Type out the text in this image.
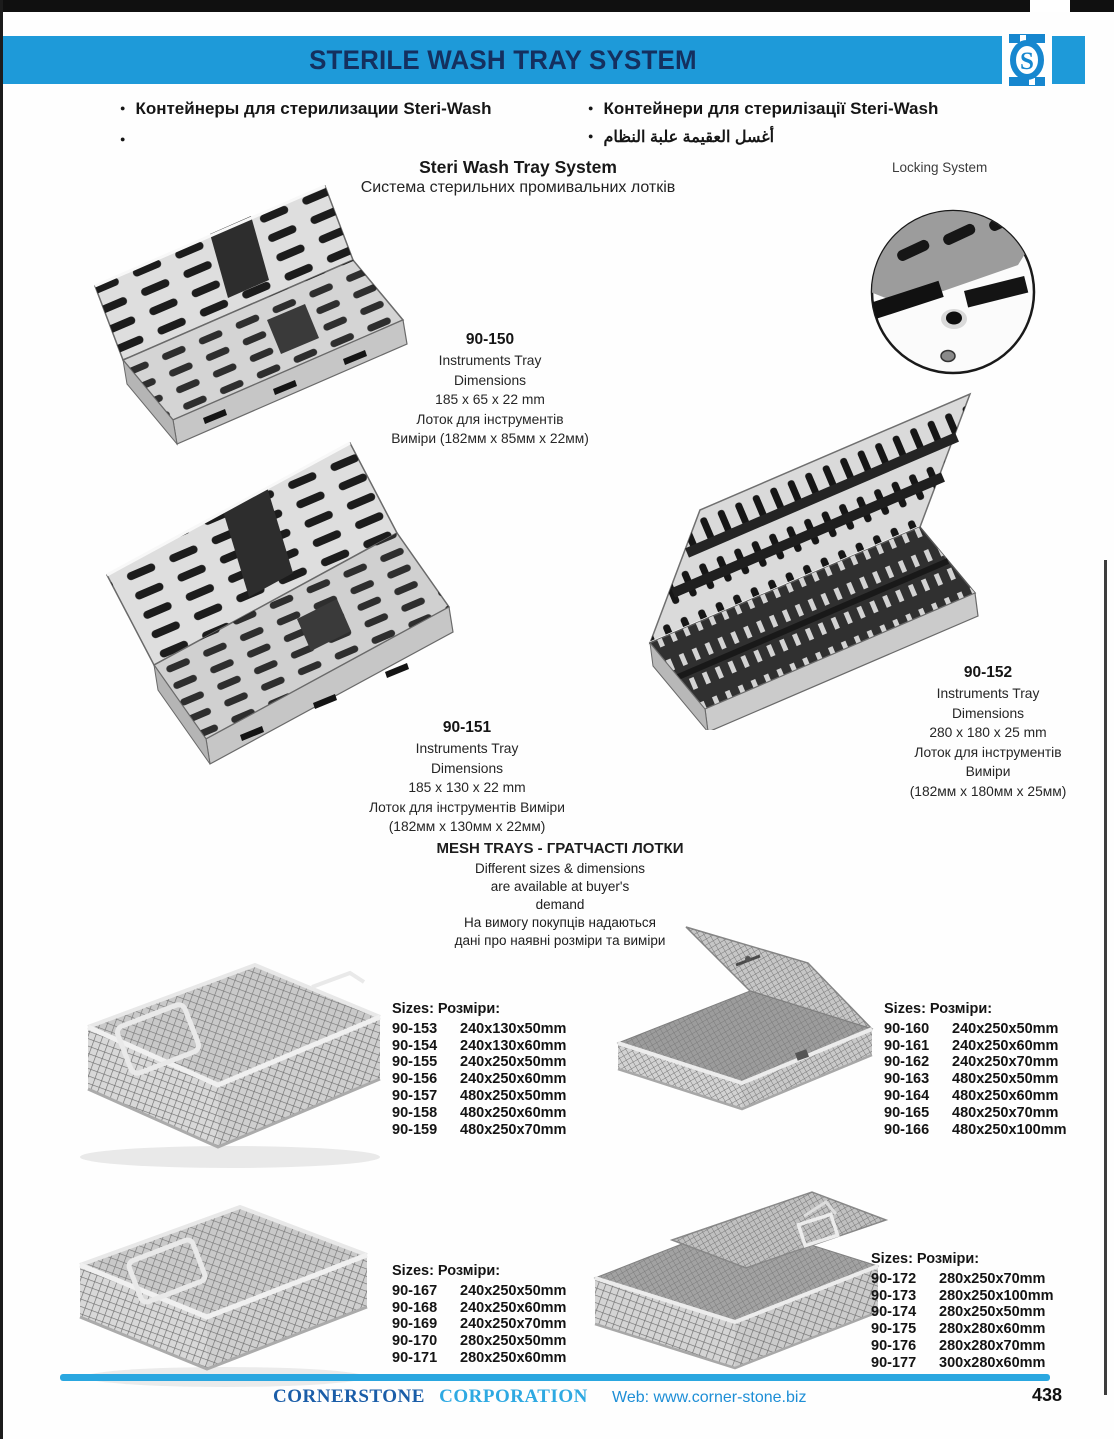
STERILE WASH TRAY SYSTEM	S
●
Контейнеры для стерилизации Steri-Wash ●	Контейнери для стерилізації Steri-Wash
●
●
أغسل العقيمة علبة النظام
Steri Wash Tray System
Система стерильних промивальних лотків
Locking System
90-150
Instruments Tray
Dimensions
185 x 65 x 22 mm
Лоток для інструментів
Виміри (182мм x 85мм x 22мм)
90-151
Instruments Tray
Dimensions
185 x 130 x 22 mm
Лоток для інструментів Виміри
(182мм x 130мм x 22мм)
90-152
Instruments Tray
Dimensions
280 x 180 x 25 mm
Лоток для інструментів
Виміри
(182мм x 180мм x 25мм)
MESH TRAYS - ГРАТЧАСТІ ЛОТКИ
Different sizes & dimensions
are available at buyer's
demand
На вимогу покупців надаються
дані про наявні розміри та виміри
Sizes: Розміри:
90-153	240x130x50mm
90-154	240x130x60mm
90-155	240x250x50mm
90-156	240x250x60mm
90-157	480x250x50mm
90-158	480x250x60mm
90-159	480x250x70mm
Sizes: Розміри:
90-160	240x250x50mm
90-161	240x250x60mm
90-162	240x250x70mm
90-163	480x250x50mm
90-164	480x250x60mm
90-165	480x250x70mm
90-166	480x250x100mm
Sizes: Розміри:
90-167	240x250x50mm
90-168	240x250x60mm
90-169	240x250x70mm
90-170	280x250x50mm
90-171	280x250x60mm
Sizes: Розміри:
90-172	280x250x70mm
90-173	280x250x100mm
90-174	280x250x50mm
90-175	280x280x60mm
90-176	280x280x70mm
90-177	300x280x60mm
CORNERSTONE CORPORATION Web: www.corner-stone.biz	438
